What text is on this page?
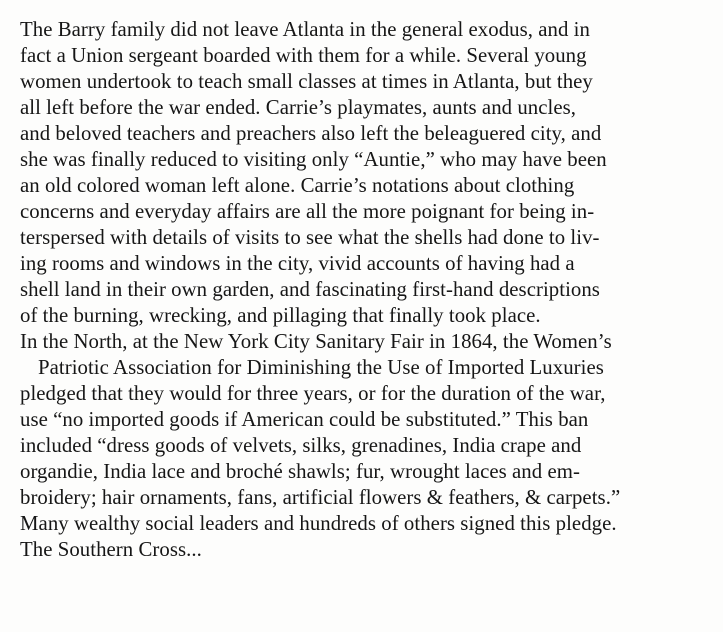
The Barry family did not leave Atlanta in the general exodus, and in
fact a Union sergeant boarded with them for a while. Several young
women undertook to teach small classes at times in Atlanta, but they
all left before the war ended. Carrie’s playmates, aunts and uncles,
and beloved teachers and preachers also left the beleaguered city, and
she was finally reduced to visiting only “Auntie,” who may have been
an old colored woman left alone. Carrie’s notations about clothing
concerns and everyday affairs are all the more poignant for being in-
terspersed with details of visits to see what the shells had done to liv-
ing rooms and windows in the city, vivid accounts of having had a
shell land in their own garden, and fascinating first-hand descriptions
of the burning, wrecking, and pillaging that finally took place.
In the North, at the New York City Sanitary Fair in 1864, the Women’s
Patriotic Association for Diminishing the Use of Imported Luxuries
pledged that they would for three years, or for the duration of the war,
use “no imported goods if American could be substituted.” This ban
included “dress goods of velvets, silks, grenadines, India crape and
organdie, India lace and broché shawls; fur, wrought laces and em-
broidery; hair ornaments, fans, artificial flowers & feathers, & carpets.”
Many wealthy social leaders and hundreds of others signed this pledge.
The Southern Cross...
